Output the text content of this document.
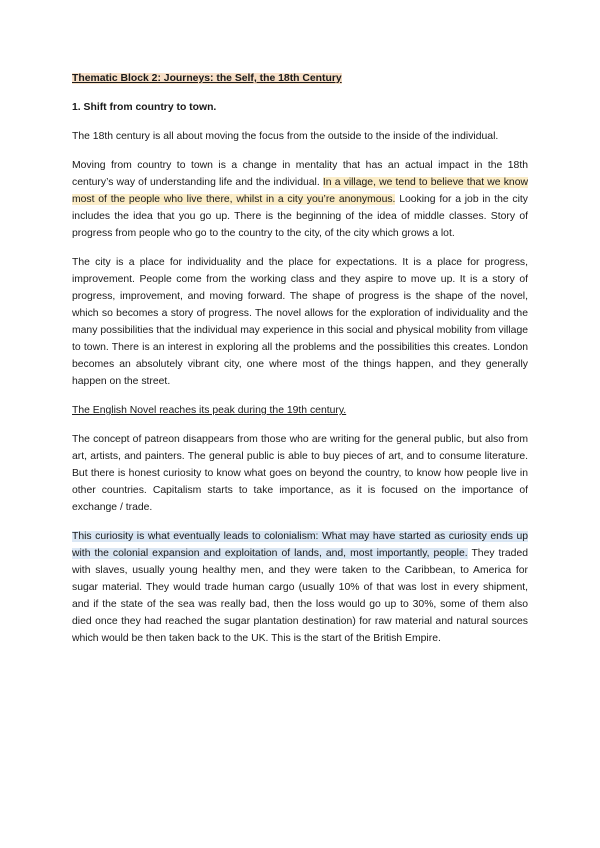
Thematic Block 2: Journeys: the Self, the 18th Century

1. Shift from country to town.

The 18th century is all about moving the focus from the outside to the inside of the individual.

Moving from country to town is a change in mentality that has an actual impact in the 18th century’s way of understanding life and the individual. In a village, we tend to believe that we know most of the people who live there, whilst in a city you’re anonymous. Looking for a job in the city includes the idea that you go up. There is the beginning of the idea of middle classes. Story of progress from people who go to the country to the city, of the city which grows a lot.

The city is a place for individuality and the place for expectations. It is a place for progress, improvement. People come from the working class and they aspire to move up. It is a story of progress, improvement, and moving forward. The shape of progress is the shape of the novel, which so becomes a story of progress. The novel allows for the exploration of individuality and the many possibilities that the individual may experience in this social and physical mobility from village to town. There is an interest in exploring all the problems and the possibilities this creates. London becomes an absolutely vibrant city, one where most of the things happen, and they generally happen on the street.

The English Novel reaches its peak during the 19th century.

The concept of patreon disappears from those who are writing for the general public, but also from art, artists, and painters. The general public is able to buy pieces of art, and to consume literature. But there is honest curiosity to know what goes on beyond the country, to know how people live in other countries. Capitalism starts to take importance, as it is focused on the importance of exchange / trade.

This curiosity is what eventually leads to colonialism: What may have started as curiosity ends up with the colonial expansion and exploitation of lands, and, most importantly, people. They traded with slaves, usually young healthy men, and they were taken to the Caribbean, to America for sugar material. They would trade human cargo (usually 10% of that was lost in every shipment, and if the state of the sea was really bad, then the loss would go up to 30%, some of them also died once they had reached the sugar plantation destination) for raw material and natural sources which would be then taken back to the UK. This is the start of the British Empire.
